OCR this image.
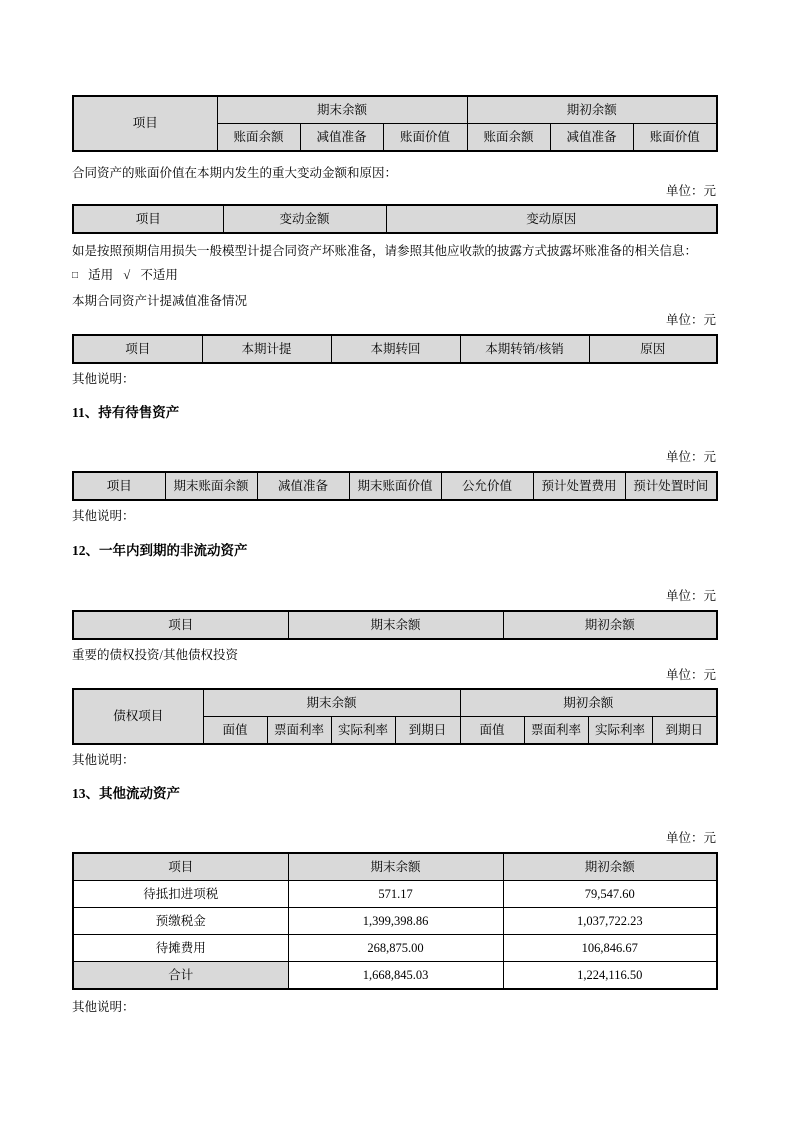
项目	期末余额			期初余额		
	账面余额	减值准备	账面价值	账面余额	减值准备	账面价值

合同资产的账面价值在本期内发生的重大变动金额和原因：

单位：元
项目	变动金额	变动原因

如是按照预期信用损失一般模型计提合同资产坏账准备，请参照其他应收款的披露方式披露坏账准备的相关信息：

□ 适用 √ 不适用

本期合同资产计提减值准备情况

单位：元
项目	本期计提	本期转回	本期转销/核销	原因

其他说明：

11、持有待售资产
单位：元
项目	期末账面余额	减值准备	期末账面价值	公允价值	预计处置费用	预计处置时间

其他说明：

12、一年内到期的非流动资产
单位：元
项目	期末余额	期初余额

重要的债权投资/其他债权投资

单位：元
债权项目	期末余额				期初余额			
	面值	票面利率	实际利率	到期日	面值	票面利率	实际利率	到期日

其他说明：

13、其他流动资产
单位：元
项目	期末余额	期初余额
待抵扣进项税	571.17	79,547.60
预缴税金	1,399,398.86	1,037,722.23
待摊费用	268,875.00	106,846.67
合计	1,668,845.03	1,224,116.50

其他说明：
